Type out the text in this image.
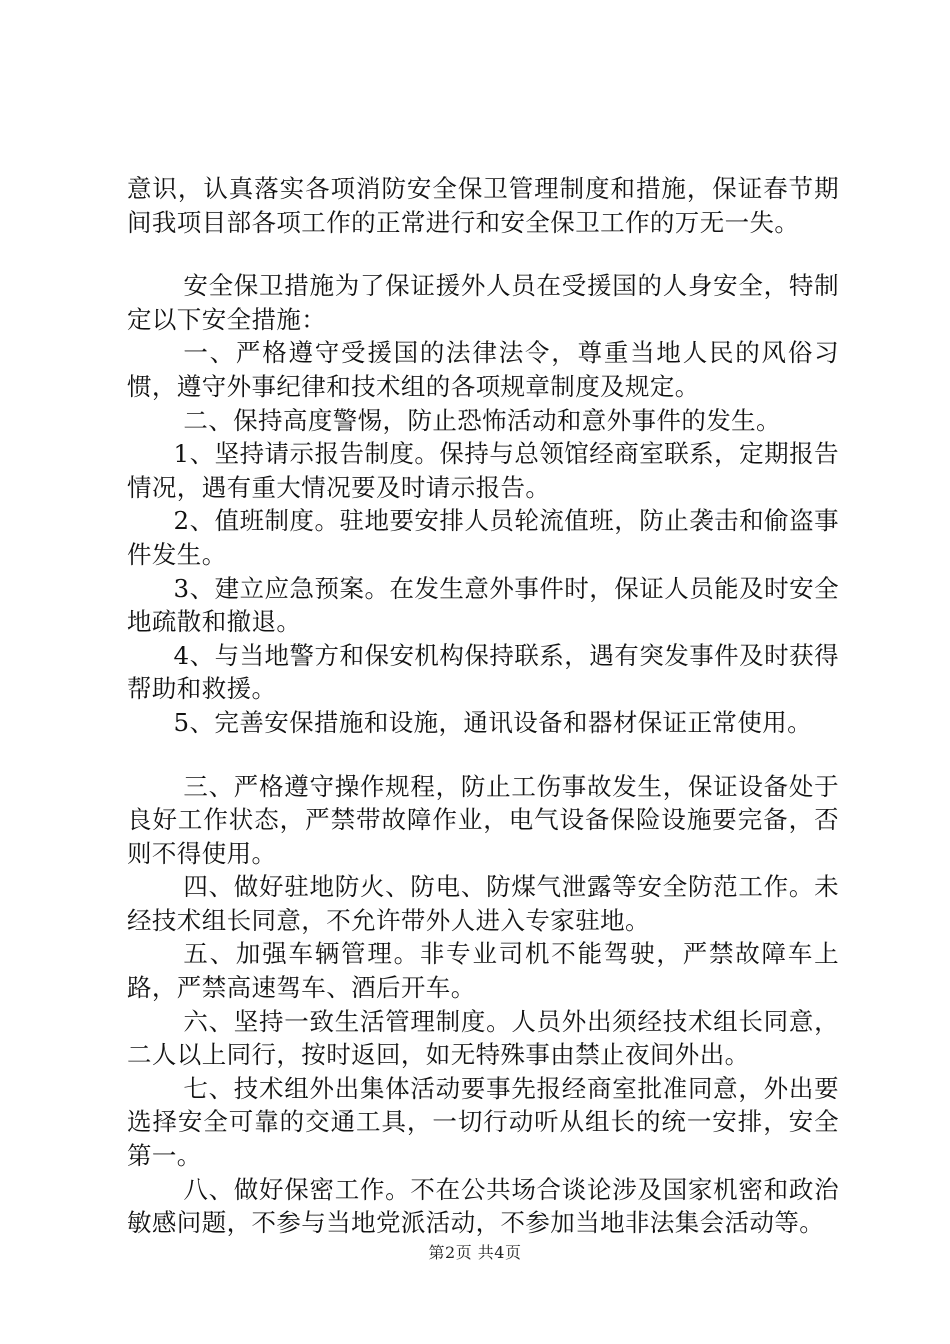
意识，认真落实各项消防安全保卫管理制度和措施，保证春节期间我项目部各项工作的正常进行和安全保卫工作的万无一失。

安全保卫措施为了保证援外人员在受援国的人身安全，特制定以下安全措施：

一、严格遵守受援国的法律法令，尊重当地人民的风俗习惯，遵守外事纪律和技术组的各项规章制度及规定。

二、保持高度警惕，防止恐怖活动和意外事件的发生。

1、坚持请示报告制度。保持与总领馆经商室联系，定期报告情况，遇有重大情况要及时请示报告。

2、值班制度。驻地要安排人员轮流值班，防止袭击和偷盗事件发生。

3、建立应急预案。在发生意外事件时，保证人员能及时安全地疏散和撤退。

4、与当地警方和保安机构保持联系，遇有突发事件及时获得帮助和救援。

5、完善安保措施和设施，通讯设备和器材保证正常使用。

三、严格遵守操作规程，防止工伤事故发生，保证设备处于良好工作状态，严禁带故障作业，电气设备保险设施要完备，否则不得使用。

四、做好驻地防火、防电、防煤气泄露等安全防范工作。未经技术组长同意，不允许带外人进入专家驻地。

五、加强车辆管理。非专业司机不能驾驶，严禁故障车上路，严禁高速驾车、酒后开车。

六、坚持一致生活管理制度。人员外出须经技术组长同意，二人以上同行，按时返回，如无特殊事由禁止夜间外出。

七、技术组外出集体活动要事先报经商室批准同意，外出要选择安全可靠的交通工具，一切行动听从组长的统一安排，安全第一。

八、做好保密工作。不在公共场合谈论涉及国家机密和政治敏感问题，不参与当地党派活动，不参加当地非法集会活动等。

第2页 共4页
